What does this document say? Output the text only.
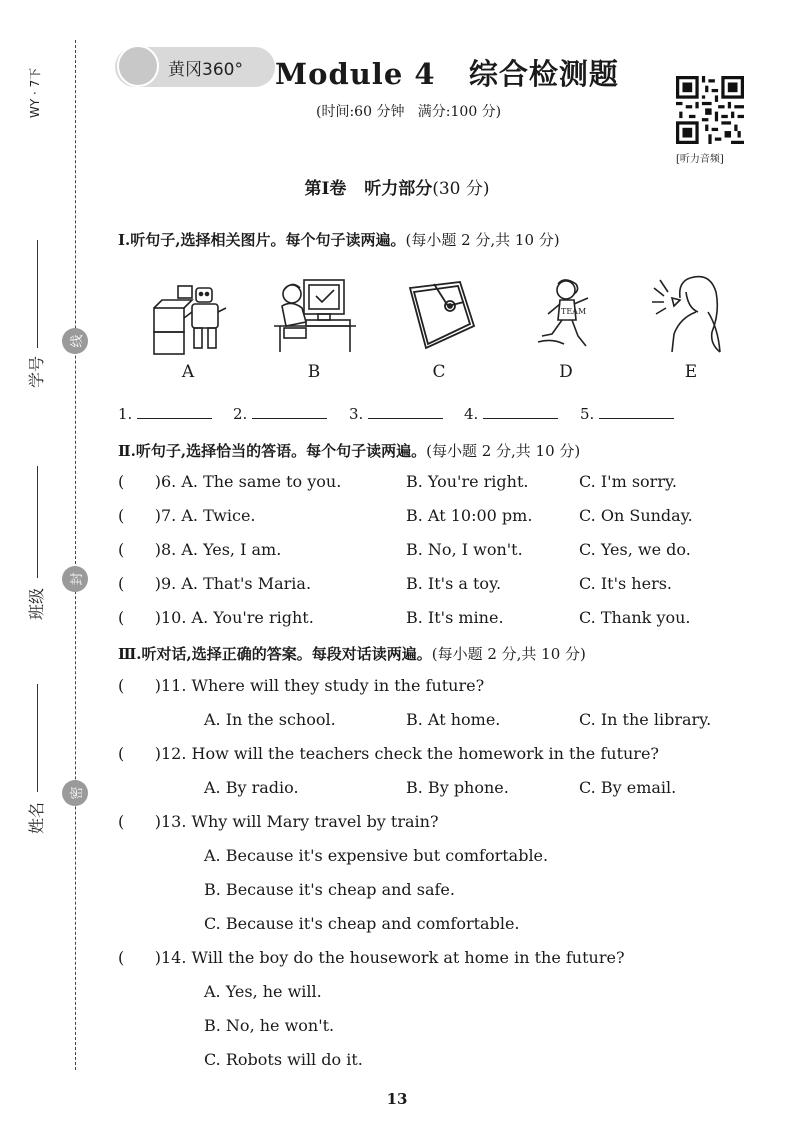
WY · 7下
学号
班级
姓名
线
封
密
黄冈360° Module 4   综合检测题
(时间:60 分钟   满分:100 分)
[听力音频]
第Ⅰ卷   听力部分(30 分)
Ⅰ.听句子,选择相关图片。每个句子读两遍。(每小题 2 分,共 10 分)
TEAM
A	B	C	D	E
1.	2.	3.	4.	5.
Ⅱ.听句子,选择恰当的答语。每个句子读两遍。(每小题 2 分,共 10 分)
(      )6. A. The same to you.	B. You're right.	C. I'm sorry.
(      )7. A. Twice.	B. At 10:00 pm.	C. On Sunday.
(      )8. A. Yes, I am.	B. No, I won't.	C. Yes, we do.
(      )9. A. That's Maria.	B. It's a toy.	C. It's hers.
(      )10. A. You're right.	B. It's mine.	C. Thank you.
Ⅲ.听对话,选择正确的答案。每段对话读两遍。(每小题 2 分,共 10 分)
(      )11. Where will they study in the future?
A. In the school.	B. At home.	C. In the library.
(      )12. How will the teachers check the homework in the future?
A. By radio.	B. By phone.	C. By email.
(      )13. Why will Mary travel by train?
A. Because it's expensive but comfortable.
B. Because it's cheap and safe.
C. Because it's cheap and comfortable.
(      )14. Will the boy do the housework at home in the future?
A. Yes, he will.
B. No, he won't.
C. Robots will do it.
13
